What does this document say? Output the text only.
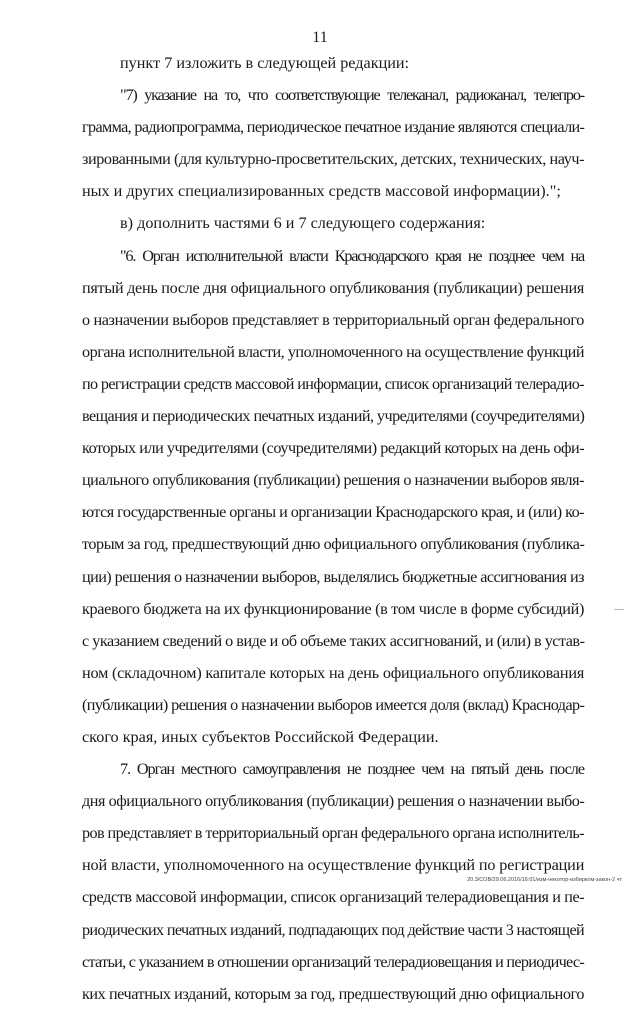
11
пункт 7 изложить в следующей редакции:
"7) указание на то, что соответствующие телеканал, радиоканал, телепро-
грамма, радиопрограмма, периодическое печатное издание являются специали-
зированными (для культурно-просветительских, детских, технических, науч-
ных и других специализированных средств массовой информации).";
в) дополнить частями 6 и 7 следующего содержания:
"6. Орган исполнительной власти Краснодарского края не позднее чем на
пятый день после дня официального опубликования (публикации) решения
о назначении выборов представляет в территориальный орган федерального
органа исполнительной власти, уполномоченного на осуществление функций
по регистрации средств массовой информации, список организаций телерадио-
вещания и периодических печатных изданий, учредителями (соучредителями)
которых или учредителями (соучредителями) редакций которых на день офи-
циального опубликования (публикации) решения о назначении выборов явля-
ются государственные органы и организации Краснодарского края, и (или) ко-
торым за год, предшествующий дню официального опубликования (публика-
ции) решения о назначении выборов, выделялись бюджетные ассигнования из
краевого бюджета на их функционирование (в том числе в форме субсидий)
с указанием сведений о виде и об объеме таких ассигнований, и (или) в устав-
ном (складочном) капитале которых на день официального опубликования
(публикации) решения о назначении выборов имеется доля (вклад) Краснодар-
ского края, иных субъектов Российской Федерации.
7. Орган местного самоуправления не позднее чем на пятый день после
дня официального опубликования (публикации) решения о назначении выбо-
ров представляет в территориальный орган федерального органа исполнитель-
ной власти, уполномоченного на осуществление функций по регистрации
средств массовой информации, список организаций телерадиовещания и пе-
риодических печатных изданий, подпадающих под действие части 3 настоящей
статьи, с указанием в отношении организаций телерадиовещания и периодичес-
ких печатных изданий, которым за год, предшествующий дню официального
20.3/СОВ/29.06.2016/16:01/изм-некотор-избирком-закон-2 чт
